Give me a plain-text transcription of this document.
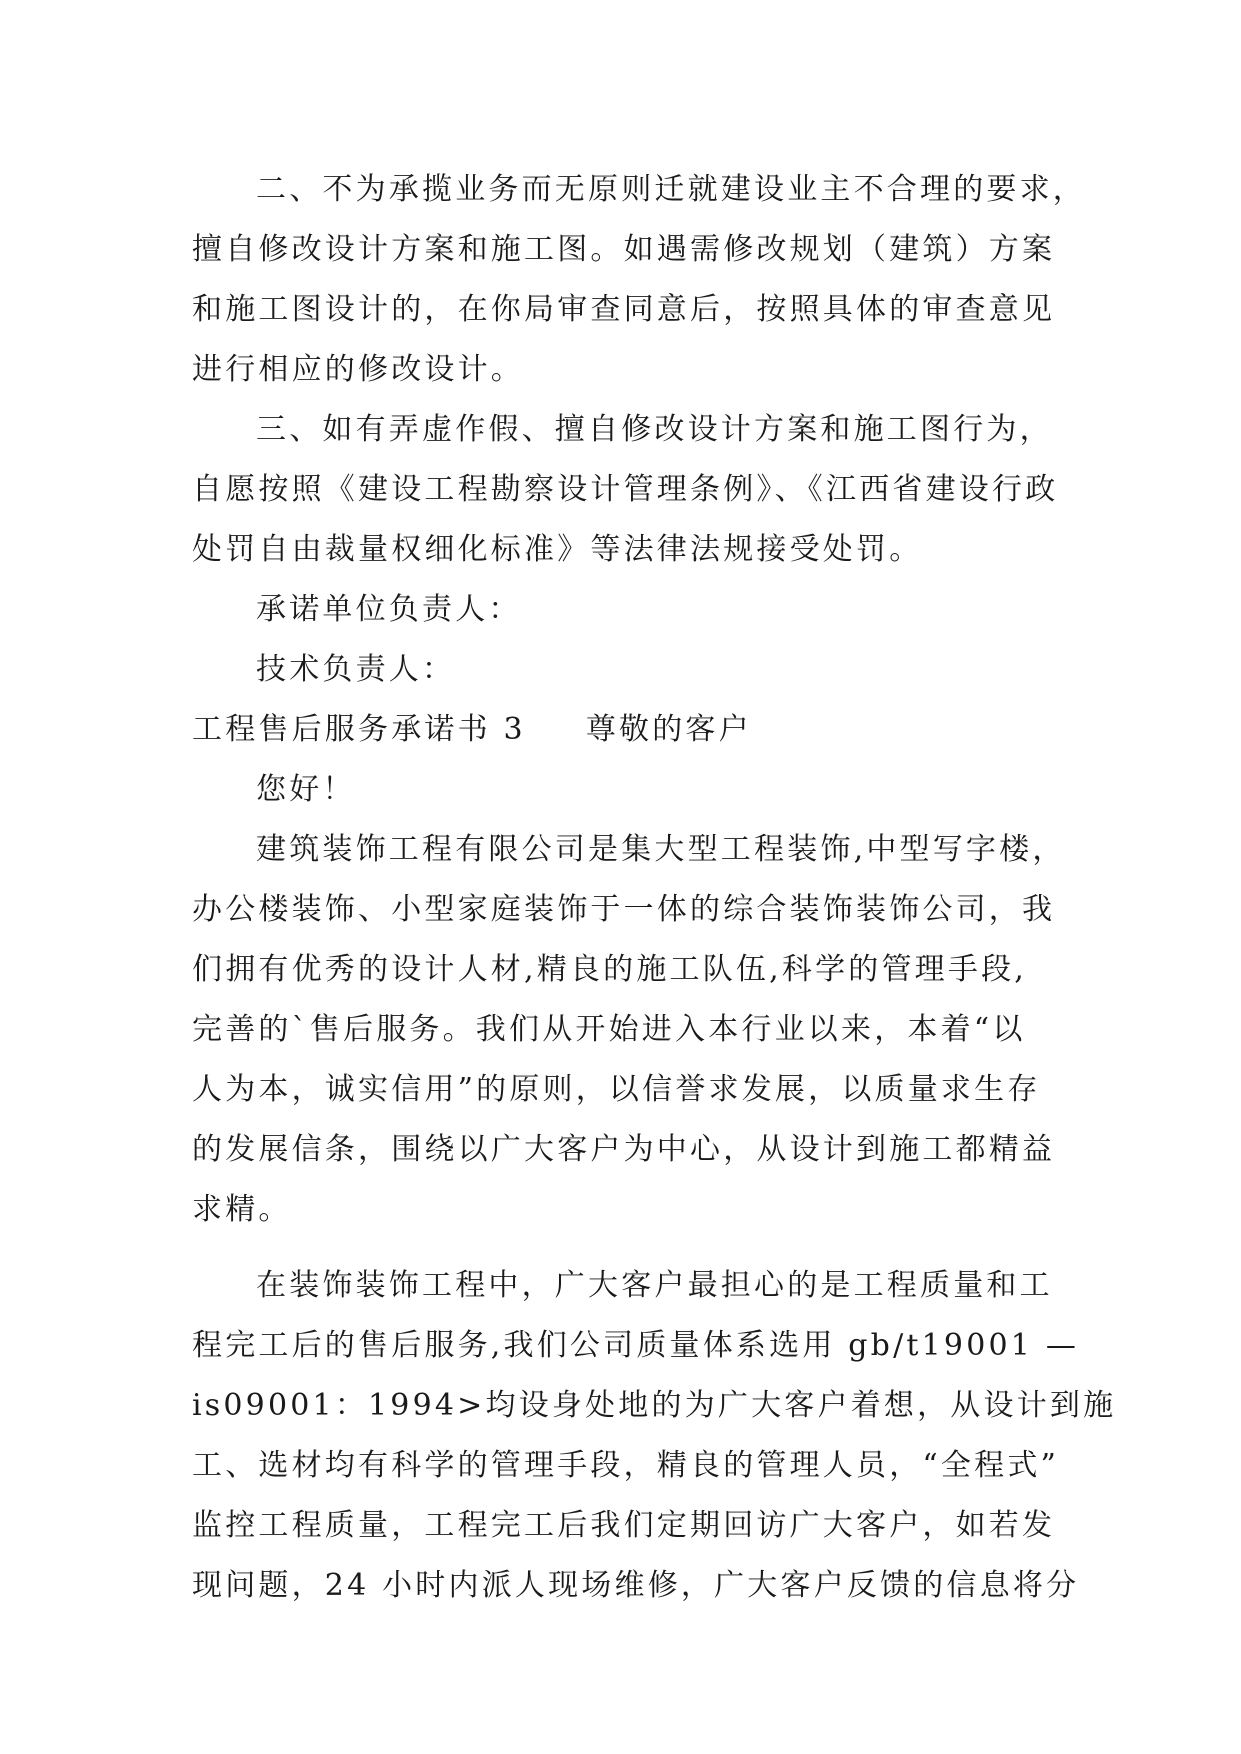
二、不为承揽业务而无原则迁就建设业主不合理的要求，
擅自修改设计方案和施工图。如遇需修改规划（建筑）方案
和施工图设计的，在你局审查同意后，按照具体的审查意见
进行相应的修改设计。
三、如有弄虚作假、擅自修改设计方案和施工图行为，
自愿按照《建设工程勘察设计管理条例》、《江西省建设行政
处罚自由裁量权细化标准》等法律法规接受处罚。
承诺单位负责人：
技术负责人：
工程售后服务承诺书 3 尊敬的客户
您好！
建筑装饰工程有限公司是集大型工程装饰,中型写字楼，
办公楼装饰、小型家庭装饰于一体的综合装饰装饰公司，我
们拥有优秀的设计人材,精良的施工队伍,科学的管理手段,
完善的`售后服务。我们从开始进入本行业以来，本着“以
人为本，诚实信用”的原则，以信誉求发展，以质量求生存
的发展信条，围绕以广大客户为中心，从设计到施工都精益
求精。
在装饰装饰工程中，广大客户最担心的是工程质量和工
程完工后的售后服务,我们公司质量体系选用 gb/t19001 —
is09001：1994>均设身处地的为广大客户着想，从设计到施
工、选材均有科学的管理手段，精良的管理人员，“全程式”
监控工程质量，工程完工后我们定期回访广大客户，如若发
现问题，24 小时内派人现场维修，广大客户反馈的信息将分
